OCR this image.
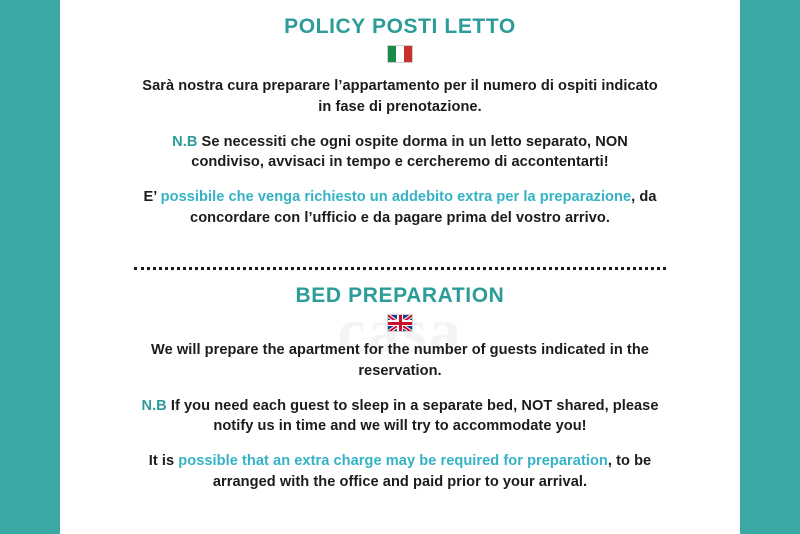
POLICY POSTI LETTO

Sarà nostra cura preparare l’appartamento per il numero di ospiti indicato in fase di prenotazione.

N.B Se necessiti che ogni ospite dorma in un letto separato, NON condiviso, avvisaci in tempo e cercheremo di accontentarti!

E’ possibile che venga richiesto un addebito extra per la preparazione, da concordare con l’ufficio e da pagare prima del vostro arrivo.

BED PREPARATION

We will prepare the apartment for the number of guests indicated in the reservation.

N.B If you need each guest to sleep in a separate bed, NOT shared, please notify us in time and we will try to accommodate you!

It is possible that an extra charge may be required for preparation, to be arranged with the office and paid prior to your arrival.
